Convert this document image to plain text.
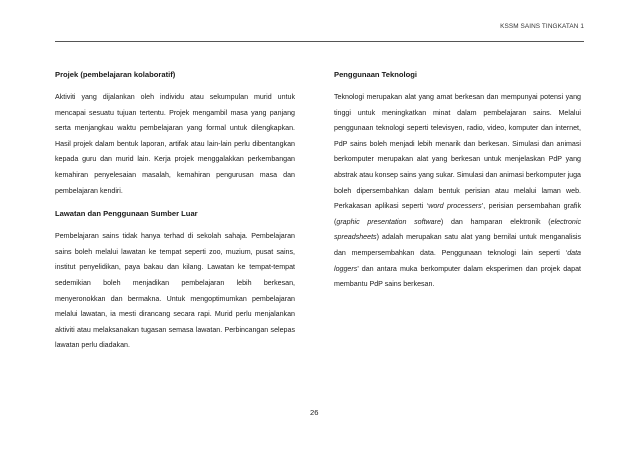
KSSM SAINS TINGKATAN 1
Projek (pembelajaran kolaboratif)

Aktiviti yang dijalankan oleh individu atau sekumpulan murid untuk mencapai sesuatu tujuan tertentu. Projek mengambil masa yang panjang serta menjangkau waktu pembelajaran yang formal untuk dilengkapkan. Hasil projek dalam bentuk laporan, artifak atau lain-lain perlu dibentangkan kepada guru dan murid lain. Kerja projek menggalakkan perkembangan kemahiran penyelesaian masalah, kemahiran pengurusan masa dan pembelajaran kendiri.

Lawatan dan Penggunaan Sumber Luar

Pembelajaran sains tidak hanya terhad di sekolah sahaja. Pembelajaran sains boleh melalui lawatan ke tempat seperti zoo, muzium, pusat sains, institut penyelidikan, paya bakau dan kilang. Lawatan ke tempat-tempat sedemikian boleh menjadikan pembelajaran lebih berkesan, menyeronokkan dan bermakna. Untuk mengoptimumkan pembelajaran melalui lawatan, ia mesti dirancang secara rapi. Murid perlu menjalankan aktiviti atau melaksanakan tugasan semasa lawatan. Perbincangan selepas lawatan perlu diadakan.

Penggunaan Teknologi

Teknologi merupakan alat yang amat berkesan dan mempunyai potensi yang tinggi untuk meningkatkan minat dalam pembelajaran sains. Melalui penggunaan teknologi seperti televisyen, radio, video, komputer dan internet, PdP sains boleh menjadi lebih menarik dan berkesan. Simulasi dan animasi berkomputer merupakan alat yang berkesan untuk menjelaskan PdP yang abstrak atau konsep sains yang sukar. Simulasi dan animasi berkomputer juga boleh dipersembahkan dalam bentuk perisian atau melalui laman web. Perkakasan aplikasi seperti ‘word processers’, perisian persembahan grafik (graphic presentation software) dan hamparan elektronik (electronic spreadsheets) adalah merupakan satu alat yang bernilai untuk menganalisis dan mempersembahkan data. Penggunaan teknologi lain seperti ‘data loggers’ dan antara muka berkomputer dalam eksperimen dan projek dapat membantu PdP sains berkesan.

26
